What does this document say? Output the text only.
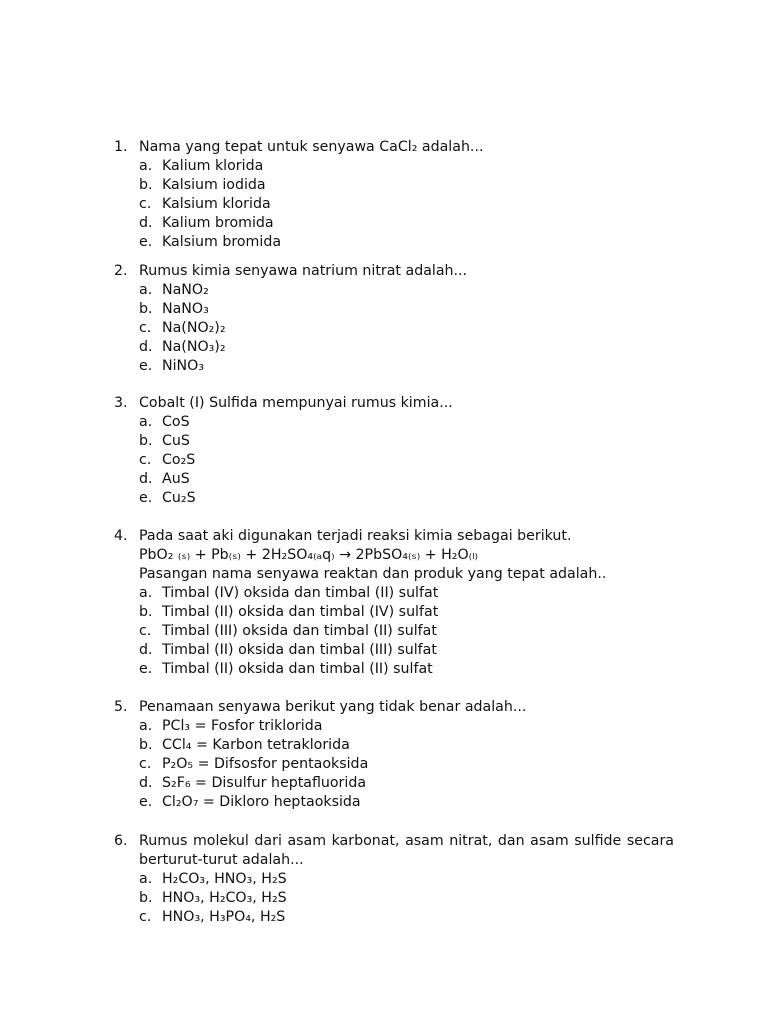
1. Nama yang tepat untuk senyawa CaCl₂ adalah...
a. Kalium klorida
b. Kalsium iodida
c. Kalsium klorida
d. Kalium bromida
e. Kalsium bromida
2. Rumus kimia senyawa natrium nitrat adalah...
a. NaNO₂
b. NaNO₃
c. Na(NO₂)₂
d. Na(NO₃)₂
e. NiNO₃
3. Cobalt (I) Sulfida mempunyai rumus kimia...
a. CoS
b. CuS
c. Co₂S
d. AuS
e. Cu₂S
4. Pada saat aki digunakan terjadi reaksi kimia sebagai berikut.
PbO₂ ₍ₛ₎ + Pb₍ₛ₎ + 2H₂SO₄₍ₐq₎ → 2PbSO₄₍ₛ₎ + H₂O₍ₗ₎
Pasangan nama senyawa reaktan dan produk yang tepat adalah..
a. Timbal (IV) oksida dan timbal (II) sulfat
b. Timbal (II) oksida dan timbal (IV) sulfat
c. Timbal (III) oksida dan timbal (II) sulfat
d. Timbal (II) oksida dan timbal (III) sulfat
e. Timbal (II) oksida dan timbal (II) sulfat
5. Penamaan senyawa berikut yang tidak benar adalah...
a. PCl₃ = Fosfor triklorida
b. CCl₄ = Karbon tetraklorida
c. P₂O₅ = Difsosfor pentaoksida
d. S₂F₆ = Disulfur heptafluorida
e. Cl₂O₇ = Dikloro heptaoksida
6. Rumus molekul dari asam karbonat, asam nitrat, dan asam sulfide secara
berturut-turut adalah...
a. H₂CO₃, HNO₃, H₂S
b. HNO₃, H₂CO₃, H₂S
c. HNO₃, H₃PO₄, H₂S
